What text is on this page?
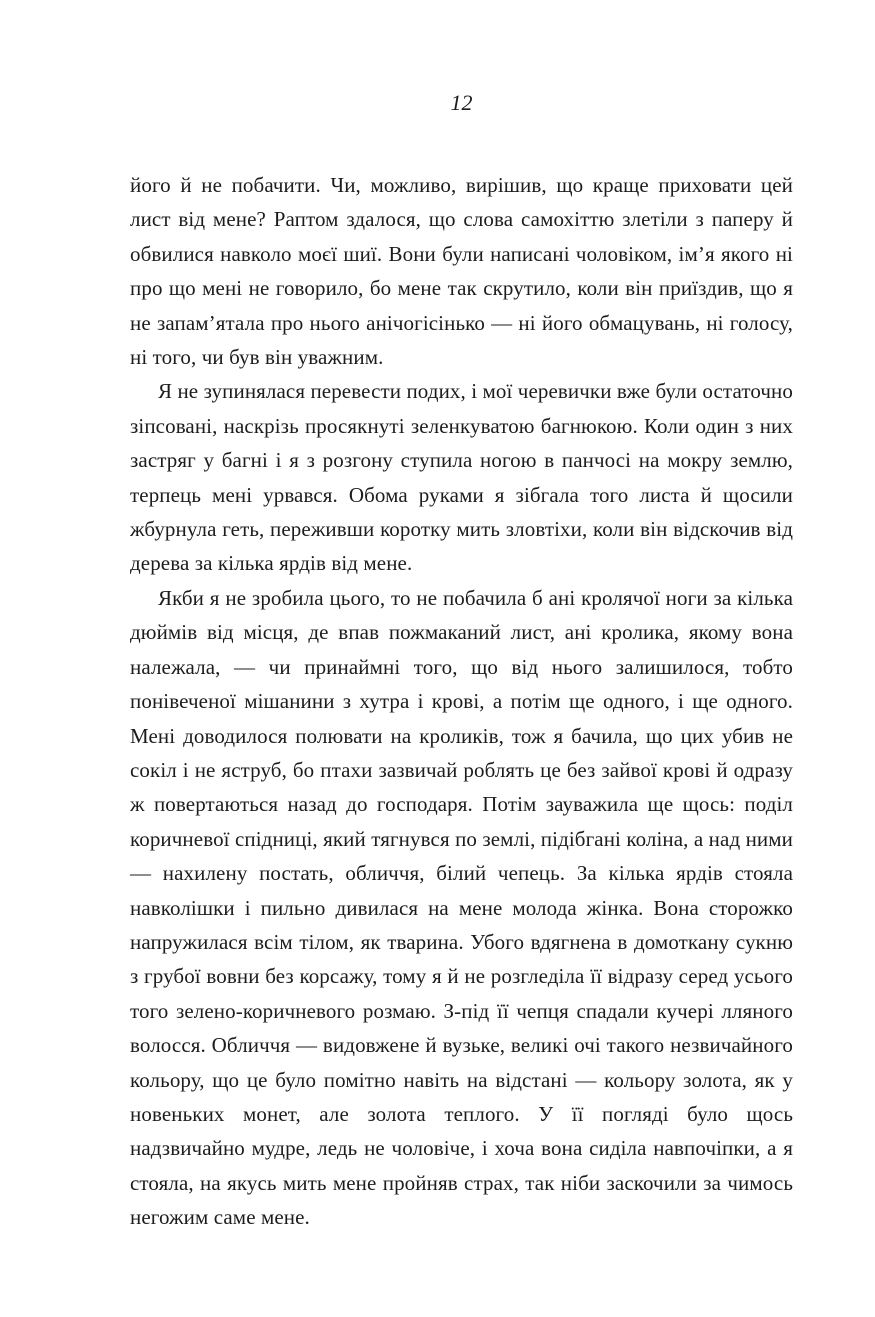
12

його й не побачити. Чи, можливо, вирішив, що краще приховати цей лист від мене? Раптом здалося, що слова самохіттю злетіли з паперу й обвилися навколо моєї шиї. Вони були написані чоловіком, ім’я якого ні про що мені не говорило, бо мене так скрутило, коли він приїздив, що я не запам’ятала про нього анічогісінько — ні його обмацувань, ні голосу, ні того, чи був він уважним.

Я не зупинялася перевести подих, і мої черевички вже були остаточно зіпсовані, наскрізь просякнуті зеленкуватою багнюкою. Коли один з них застряг у багні і я з розгону ступила ногою в панчосі на мокру землю, терпець мені урвався. Обома руками я зібгала того листа й щосили жбурнула геть, переживши коротку мить зловтіхи, коли він відскочив від дерева за кілька ярдів від мене.

Якби я не зробила цього, то не побачила б ані кролячої ноги за кілька дюймів від місця, де впав пожмаканий лист, ані кролика, якому вона належала, — чи принаймні того, що від нього залишилося, тобто понівеченої мішанини з хутра і крові, а потім ще одного, і ще одного. Мені доводилося полювати на кроликів, тож я бачила, що цих убив не сокіл і не яструб, бо птахи зазвичай роблять це без зайвої крові й одразу ж повертаються назад до господаря. Потім зауважила ще щось: поділ коричневої спідниці, який тягнувся по землі, підібгані коліна, а над ними — нахилену постать, обличчя, білий чепець. За кілька ярдів стояла навколішки і пильно дивилася на мене молода жінка. Вона сторожко напружилася всім тілом, як тварина. Убого вдягнена в домоткану сукню з грубої вовни без корсажу, тому я й не розгледіла її відразу серед усього того зелено-коричневого розмаю. З-під її чепця спадали кучері лляного волосся. Обличчя — видовжене й вузьке, великі очі такого незвичайного кольору, що це було помітно навіть на відстані — кольору золота, як у новеньких монет, але золота теплого. У її погляді було щось надзвичайно мудре, ледь не чоловіче, і хоча вона сиділа навпочіпки, а я стояла, на якусь мить мене пройняв страх, так ніби заскочили за чимось негожим саме мене.
